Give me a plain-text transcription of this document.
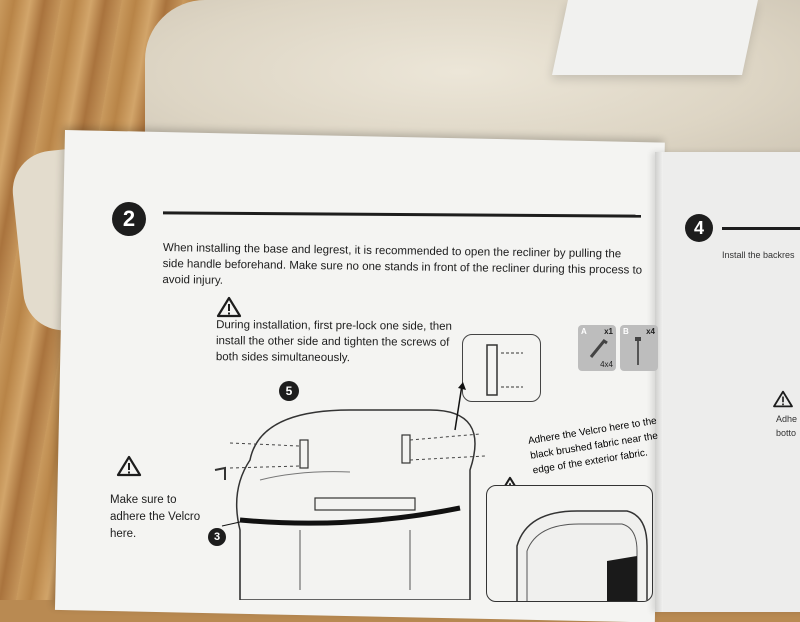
2	4
When installing the base and legrest, it is recommended to open the recliner by pulling the side handle beforehand. Make sure no one stands in front of the recliner during this process to avoid injury.
Install the backres
During installation, first pre-lock one side, then install the other side and tighten the screws of both sides simultaneously.
Make sure to adhere the Velcro here.
Adhere the Velcro here to the black brushed fabric near the edge of the exterior fabric.
Adhe
botto
A x1
4x4
B x4
5
3
